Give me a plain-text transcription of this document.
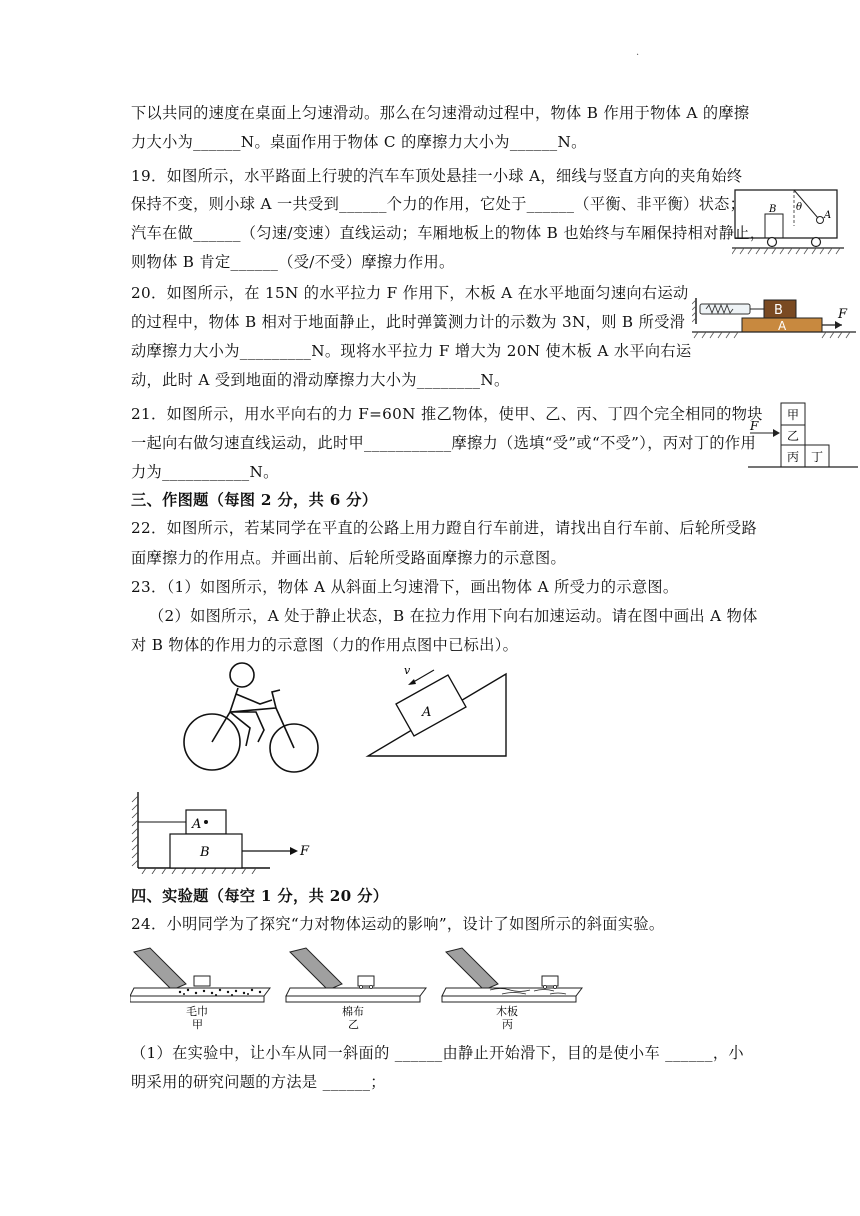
·
下以共同的速度在桌面上匀速滑动。那么在匀速滑动过程中，物体 B 作用于物体 A 的摩擦
力大小为______N。桌面作用于物体 C 的摩擦力大小为______N。
19．如图所示，水平路面上行驶的汽车车顶处悬挂一小球 A，细线与竖直方向的夹角始终
保持不变，则小球 A 一共受到______个力的作用，它处于______（平衡、非平衡）状态；
汽车在做______（匀速/变速）直线运动；车厢地板上的物体 B 也始终与车厢保持相对静止，
则物体 B 肯定______（受/不受）摩擦力作用。
20．如图所示，在 15N 的水平拉力 F 作用下，木板 A 在水平地面匀速向右运动
的过程中，物体 B 相对于地面静止，此时弹簧测力计的示数为 3N，则 B 所受滑
动摩擦力大小为_________N。现将水平拉力 F 增大为 20N 使木板 A 水平向右运
动，此时 A 受到地面的滑动摩擦力大小为________N。
21．如图所示，用水平向右的力 F=60N 推乙物体，使甲、乙、丙、丁四个完全相同的物块
一起向右做匀速直线运动，此时甲___________摩擦力（选填“受”或“不受”），丙对丁的作用
力为___________N。
三、作图题（每图 2 分，共 6 分）
22．如图所示，若某同学在平直的公路上用力蹬自行车前进，请找出自行车前、后轮所受路
面摩擦力的作用点。并画出前、后轮所受路面摩擦力的示意图。
23．（1）如图所示，物体 A 从斜面上匀速滑下，画出物体 A 所受力的示意图。
（2）如图所示，A 处于静止状态，B 在拉力作用下向右加速运动。请在图中画出 A 物体
对 B 物体的作用力的示意图（力的作用点图中已标出）。
四、实验题（每空 1 分，共 20 分）
24．小明同学为了探究“力对物体运动的影响”，设计了如图所示的斜面实验。
（1）在实验中，让小车从同一斜面的 ______由静止开始滑下，目的是使小车 ______，小
明采用的研究问题的方法是 ______；
B θ
A
B
A
F
F
甲
乙
丙 丁
A
v
A
B	F
毛巾
甲
棉布
乙
木板
丙
